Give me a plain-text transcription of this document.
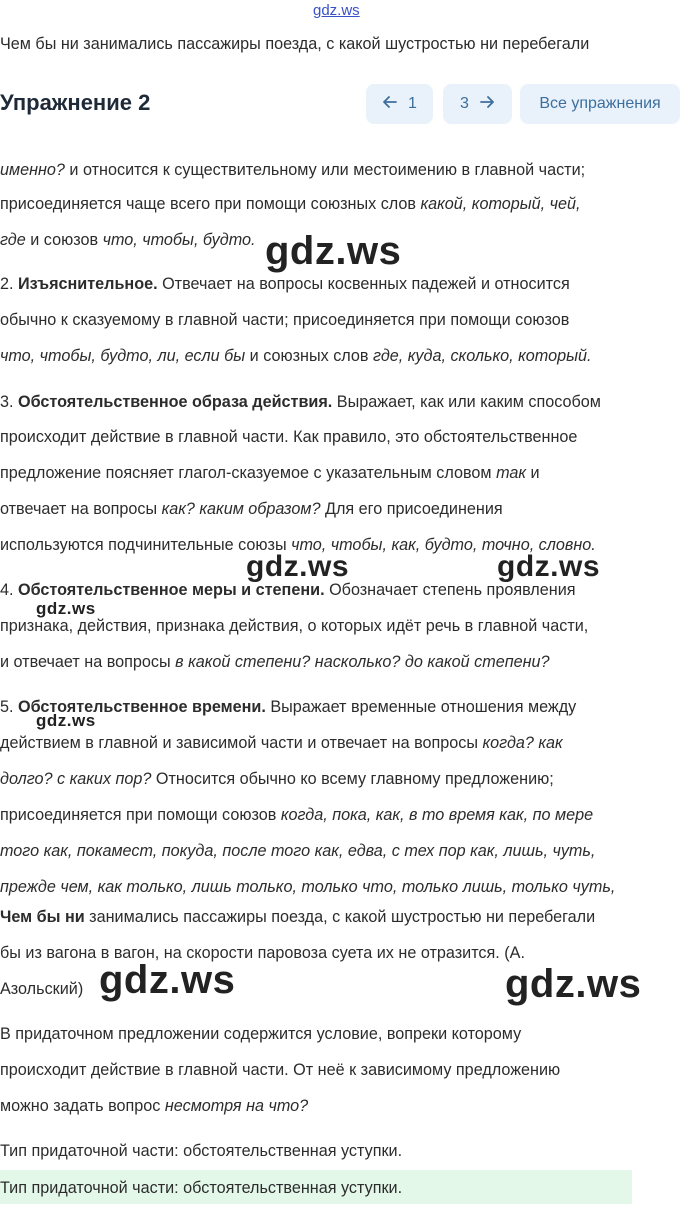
gdz.ws
Чем бы ни занимались пассажиры поезда, с какой шустростью ни перебегали
Упражнение 2	1	3	Все упражнения
именно? и относится к существительному или местоимению в главной части;
присоединяется чаще всего при помощи союзных слов какой, который, чей,
где и союзов что, чтобы, будто.
2. Изъяснительное. Отвечает на вопросы косвенных падежей и относится
обычно к сказуемому в главной части; присоединяется при помощи союзов
что, чтобы, будто, ли, если бы и союзных слов где, куда, сколько, который.
3. Обстоятельственное образа действия. Выражает, как или каким способом
происходит действие в главной части. Как правило, это обстоятельственное
предложение поясняет глагол-сказуемое с указательным словом так и
отвечает на вопросы как? каким образом? Для его присоединения
используются подчинительные союзы что, чтобы, как, будто, точно, словно.
4. Обстоятельственное меры и степени. Обозначает степень проявления
признака, действия, признака действия, о которых идёт речь в главной части,
и отвечает на вопросы в какой степени? насколько? до какой степени?
5. Обстоятельственное времени. Выражает временные отношения между
действием в главной и зависимой части и отвечает на вопросы когда? как
долго? с каких пор? Относится обычно ко всему главному предложению;
присоединяется при помощи союзов когда, пока, как, в то время как, по мере
того как, покамест, покуда, после того как, едва, с тех пор как, лишь, чуть,
прежде чем, как только, лишь только, только что, только лишь, только чуть,
Чем бы ни занимались пассажиры поезда, с какой шустростью ни перебегали
бы из вагона в вагон, на скорости паровоза суета их не отразится. (А.
Азольский)
В придаточном предложении содержится условие, вопреки которому
происходит действие в главной части. От неё к зависимому предложению
можно задать вопрос несмотря на что?
Тип придаточной части: обстоятельственная уступки.
Тип придаточной части: обстоятельственная уступки.
gdz.ws
gdz.ws	gdz.ws
gdz.ws
gdz.ws
gdz.ws	gdz.ws
